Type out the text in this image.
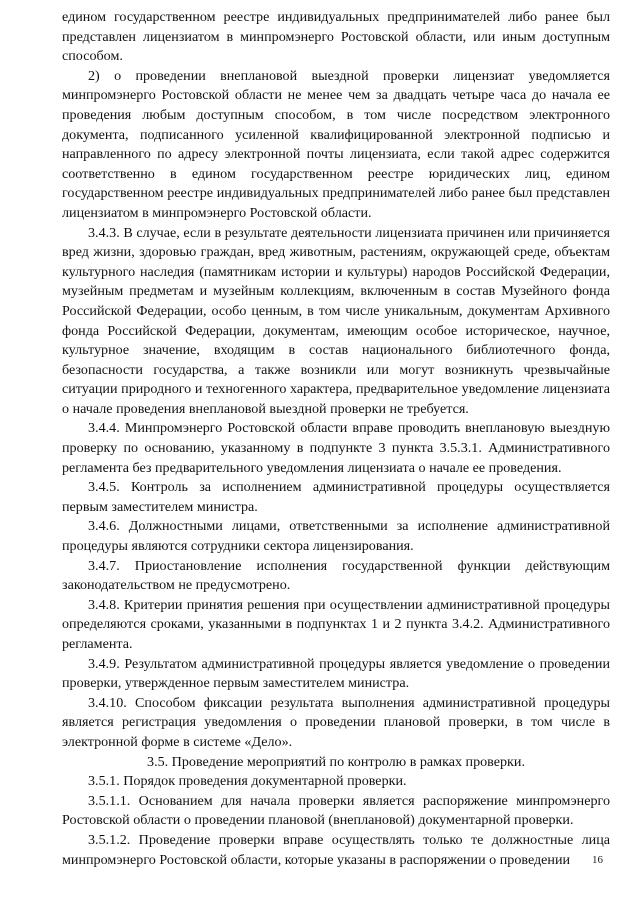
едином государственном реестре индивидуальных предпринимателей либо ранее был представлен лицензиатом в минпромэнерго Ростовской области, или иным доступным способом.

2) о проведении внеплановой выездной проверки лицензиат уведомляется минпромэнерго Ростовской области не менее чем за двадцать четыре часа до начала ее проведения любым доступным способом, в том числе посредством электронного документа, подписанного усиленной квалифицированной электронной подписью и направленного по адресу электронной почты лицензиата, если такой адрес содержится соответственно в едином государственном реестре юридических лиц, едином государственном реестре индивидуальных предпринимателей либо ранее был представлен лицензиатом в минпромэнерго Ростовской области.

3.4.3. В случае, если в результате деятельности лицензиата причинен или причиняется вред жизни, здоровью граждан, вред животным, растениям, окружающей среде, объектам культурного наследия (памятникам истории и культуры) народов Российской Федерации, музейным предметам и музейным коллекциям, включенным в состав Музейного фонда Российской Федерации, особо ценным, в том числе уникальным, документам Архивного фонда Российской Федерации, документам, имеющим особое историческое, научное, культурное значение, входящим в состав национального библиотечного фонда, безопасности государства, а также возникли или могут возникнуть чрезвычайные ситуации природного и техногенного характера, предварительное уведомление лицензиата о начале проведения внеплановой выездной проверки не требуется.

3.4.4. Минпромэнерго Ростовской области вправе проводить внеплановую выездную проверку по основанию, указанному в подпункте 3 пункта 3.5.3.1. Административного регламента без предварительного уведомления лицензиата о начале ее проведения.

3.4.5. Контроль за исполнением административной процедуры осуществляется первым заместителем министра.

3.4.6. Должностными лицами, ответственными за исполнение административной процедуры являются сотрудники сектора лицензирования.

3.4.7. Приостановление исполнения государственной функции действующим законодательством не предусмотрено.

3.4.8. Критерии принятия решения при осуществлении административной процедуры определяются сроками, указанными в подпунктах 1 и 2 пункта 3.4.2. Административного регламента.

3.4.9. Результатом административной процедуры является уведомление о проведении проверки, утвержденное первым заместителем министра.

3.4.10. Способом фиксации результата выполнения административной процедуры является регистрация уведомления о проведении плановой проверки, в том числе в электронной форме в системе «Дело».

3.5. Проведение мероприятий по контролю в рамках проверки.

3.5.1. Порядок проведения документарной проверки.

3.5.1.1. Основанием для начала проверки является распоряжение минпромэнерго Ростовской области о проведении плановой (внеплановой) документарной проверки.

3.5.1.2. Проведение проверки вправе осуществлять только те должностные лица минпромэнерго Ростовской области, которые указаны в распоряжении о проведении	16
